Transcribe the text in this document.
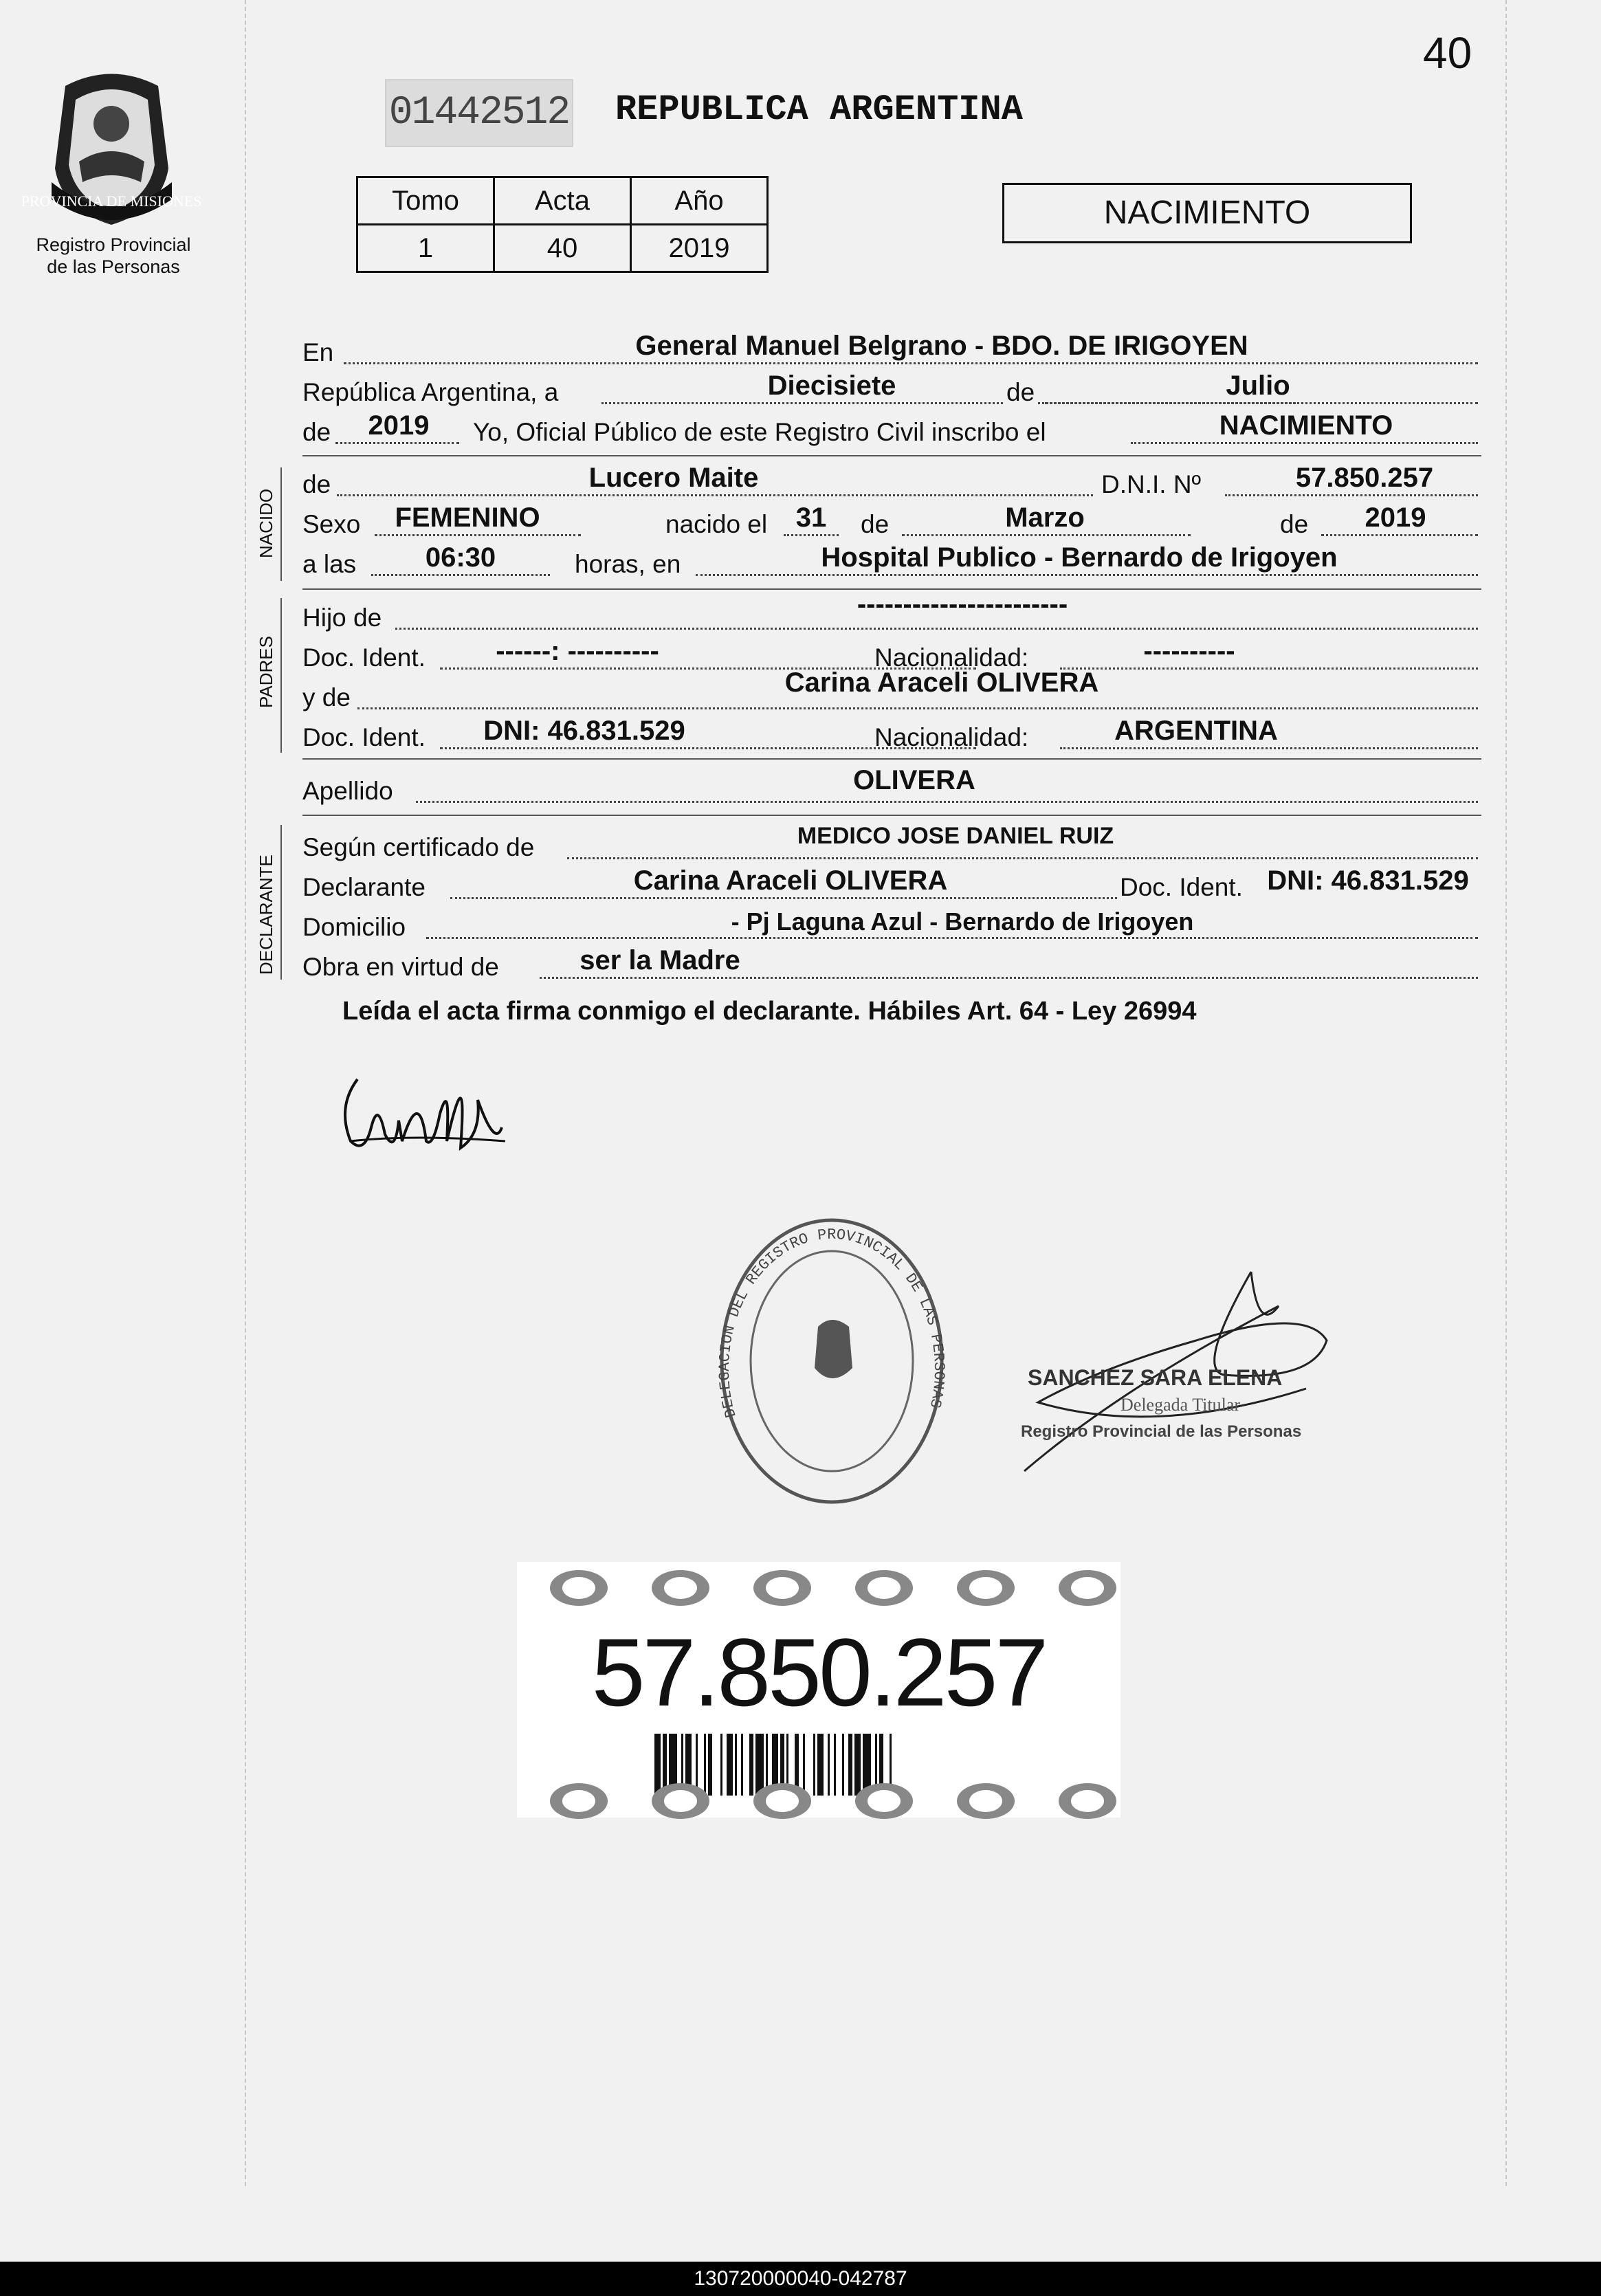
40
01442512 REPUBLICA ARGENTINA
PROVINCIA DE MISIONES
Registro Provincial
de las Personas
Tomo	Acta	Año
1	40	2019
NACIMIENTO
En	General Manuel Belgrano - BDO. DE IRIGOYEN
República Argentina, a	Diecisiete	de	Julio
de	2019	Yo, Oficial Público de este Registro Civil inscribo el	NACIMIENTO
NACIDO
de	Lucero Maite	D.N.I. Nº	57.850.257
Sexo	FEMENINO	nacido el	31	de	Marzo	de	2019
a las	06:30	horas, en	Hospital Publico - Bernardo de Irigoyen
PADRES
Hijo de	-----------------------
Doc. Ident.	------: ----------	Nacionalidad:	----------
y de	Carina Araceli OLIVERA
Doc. Ident.	DNI: 46.831.529	Nacionalidad:	ARGENTINA
Apellido	OLIVERA
DECLARANTE
Según certificado de	MEDICO JOSE DANIEL RUIZ
Declarante	Carina Araceli OLIVERA	Doc. Ident. DNI: 46.831.529
Domicilio	- Pj Laguna Azul - Bernardo de Irigoyen
Obra en virtud de	ser la Madre
Leída el acta firma conmigo el declarante. Hábiles Art. 64 - Ley 26994
DELEGACION DEL REGISTRO PROVINCIAL DE LAS PERSONAS
SANCHEZ SARA ELENA
Delegada Titular
Registro Provincial de las Personas
57.850.257
130720000040-042787
